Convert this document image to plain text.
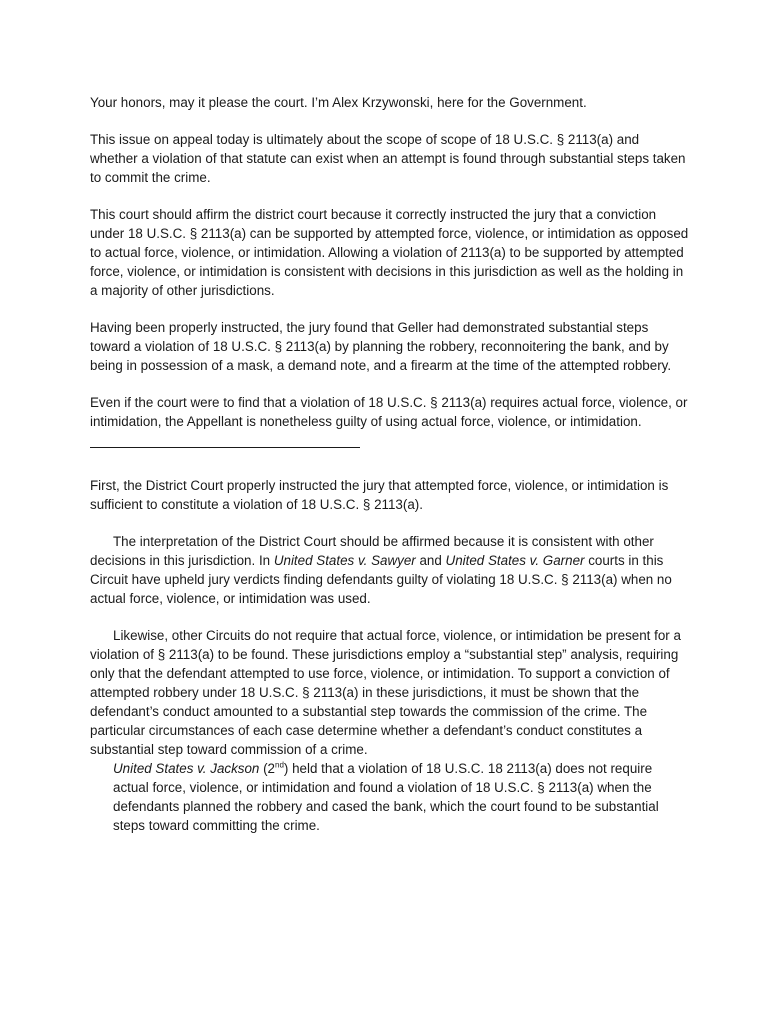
Your honors, may it please the court. I’m Alex Krzywonski, here for the Government.

This issue on appeal today is ultimately about the scope of scope of 18 U.S.C. § 2113(a) and whether a violation of that statute can exist when an attempt is found through substantial steps taken to commit the crime.

This court should affirm the district court because it correctly instructed the jury that a conviction under 18 U.S.C. § 2113(a) can be supported by attempted force, violence, or intimidation as opposed to actual force, violence, or intimidation. Allowing a violation of 2113(a) to be supported by attempted force, violence, or intimidation is consistent with decisions in this jurisdiction as well as the holding in a majority of other jurisdictions.

Having been properly instructed, the jury found that Geller had demonstrated substantial steps toward a violation of 18 U.S.C. § 2113(a) by planning the robbery, reconnoitering the bank, and by being in possession of a mask, a demand note, and a firearm at the time of the attempted robbery.

Even if the court were to find that a violation of 18 U.S.C. § 2113(a) requires actual force, violence, or intimidation, the Appellant is nonetheless guilty of using actual force, violence, or intimidation.

First, the District Court properly instructed the jury that attempted force, violence, or intimidation is sufficient to constitute a violation of 18 U.S.C. § 2113(a).

The interpretation of the District Court should be affirmed because it is consistent with other decisions in this jurisdiction. In United States v. Sawyer and United States v. Garner courts in this Circuit have upheld jury verdicts finding defendants guilty of violating 18 U.S.C. § 2113(a) when no actual force, violence, or intimidation was used.

Likewise, other Circuits do not require that actual force, violence, or intimidation be present for a violation of § 2113(a) to be found. These jurisdictions employ a “substantial step” analysis, requiring only that the defendant attempted to use force, violence, or intimidation. To support a conviction of attempted robbery under 18 U.S.C. § 2113(a) in these jurisdictions, it must be shown that the defendant’s conduct amounted to a substantial step towards the commission of the crime. The particular circumstances of each case determine whether a defendant’s conduct constitutes a substantial step toward commission of a crime.

United States v. Jackson (2nd) held that a violation of 18 U.S.C. 18 2113(a) does not require actual force, violence, or intimidation and found a violation of 18 U.S.C. § 2113(a) when the defendants planned the robbery and cased the bank, which the court found to be substantial steps toward committing the crime.
